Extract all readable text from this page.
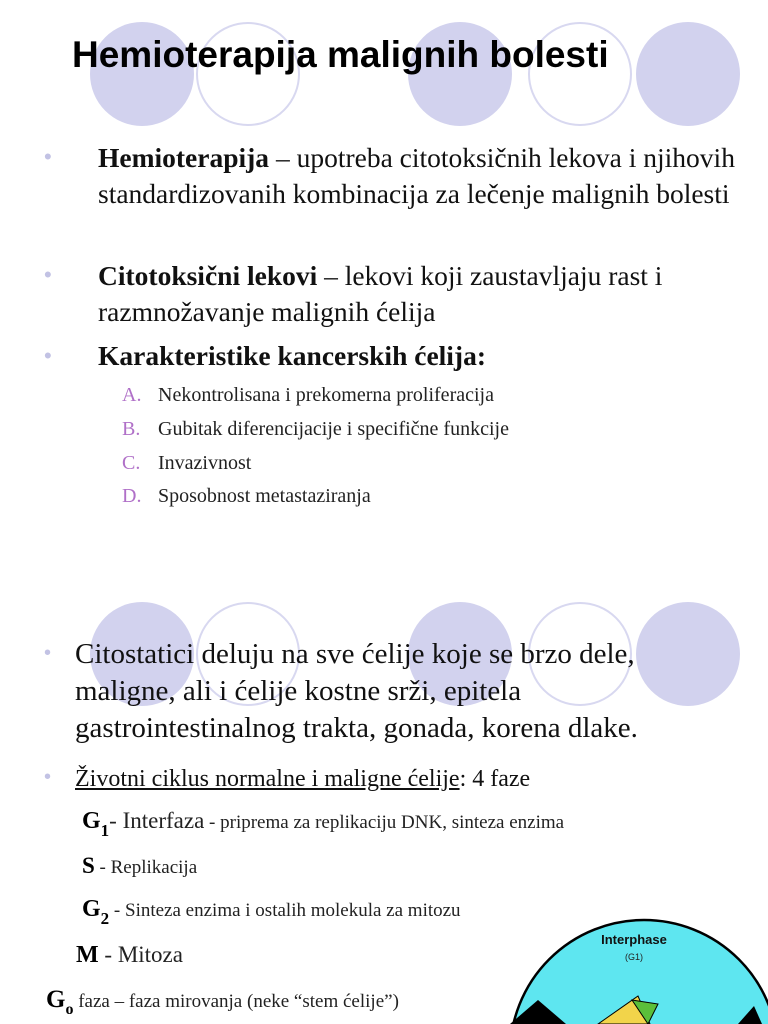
Hemioterapija malignih bolesti
• Hemioterapija – upotreba citotoksičnih lekova i njihovih standardizovanih kombinacija za lečenje malignih bolesti

• Citotoksični lekovi – lekovi koji zaustavljaju rast i razmnožavanje malignih ćelija

• Karakteristike kancerskih ćelija:

A. Nekontrolisana i prekomerna proliferacija
B. Gubitak diferencijacije i specifične funkcije
C. Invazivnost
D. Sposobnost metastaziranja
• Citostatici deluju na sve ćelije koje se brzo dele,

maligne, ali i ćelije kostne srži, epitela

gastrointestinalnog trakta, gonada, korena dlake.

• Životni ciklus normalne i maligne ćelije: 4 faze

G1- Interfaza - priprema za replikaciju DNK, sinteza enzima
S - Replikacija
G2 - Sinteza enzima i ostalih molekula za mitozu
M - Mitoza
Go faza – faza mirovanja (neke “stem ćelije”)
Interphase
(G1)
